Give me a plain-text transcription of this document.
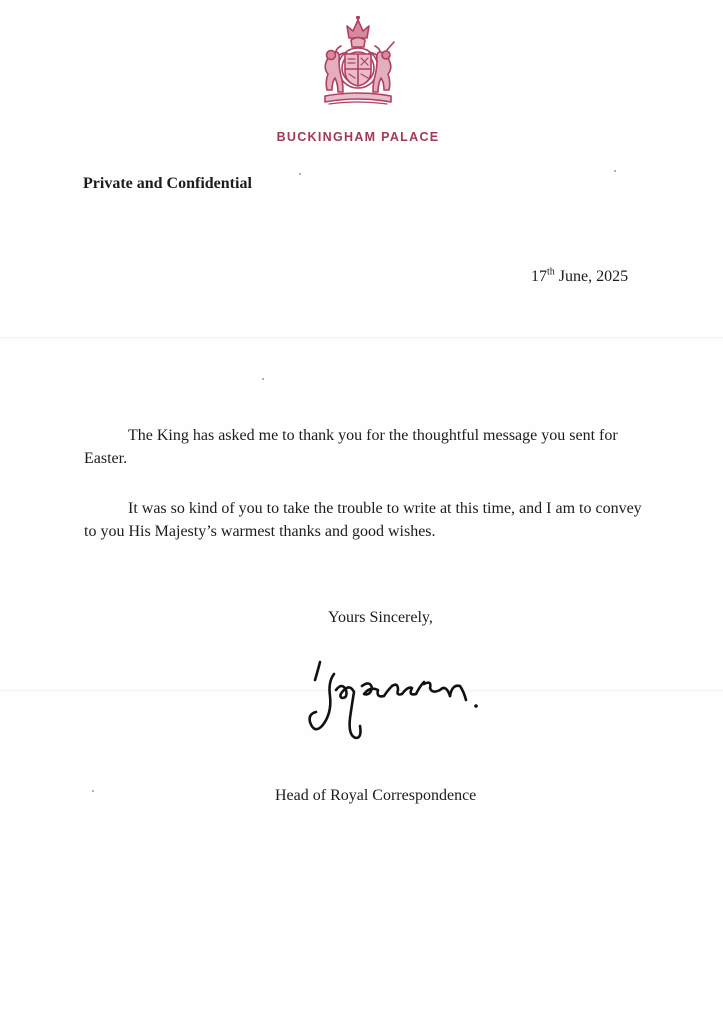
BUCKINGHAM PALACE
Private and Confidential
17th June, 2025
The King has asked me to thank you for the thoughtful message you sent for Easter.
It was so kind of you to take the trouble to write at this time, and I am to convey to you His Majesty’s warmest thanks and good wishes.
Yours Sincerely,
Head of Royal Correspondence
